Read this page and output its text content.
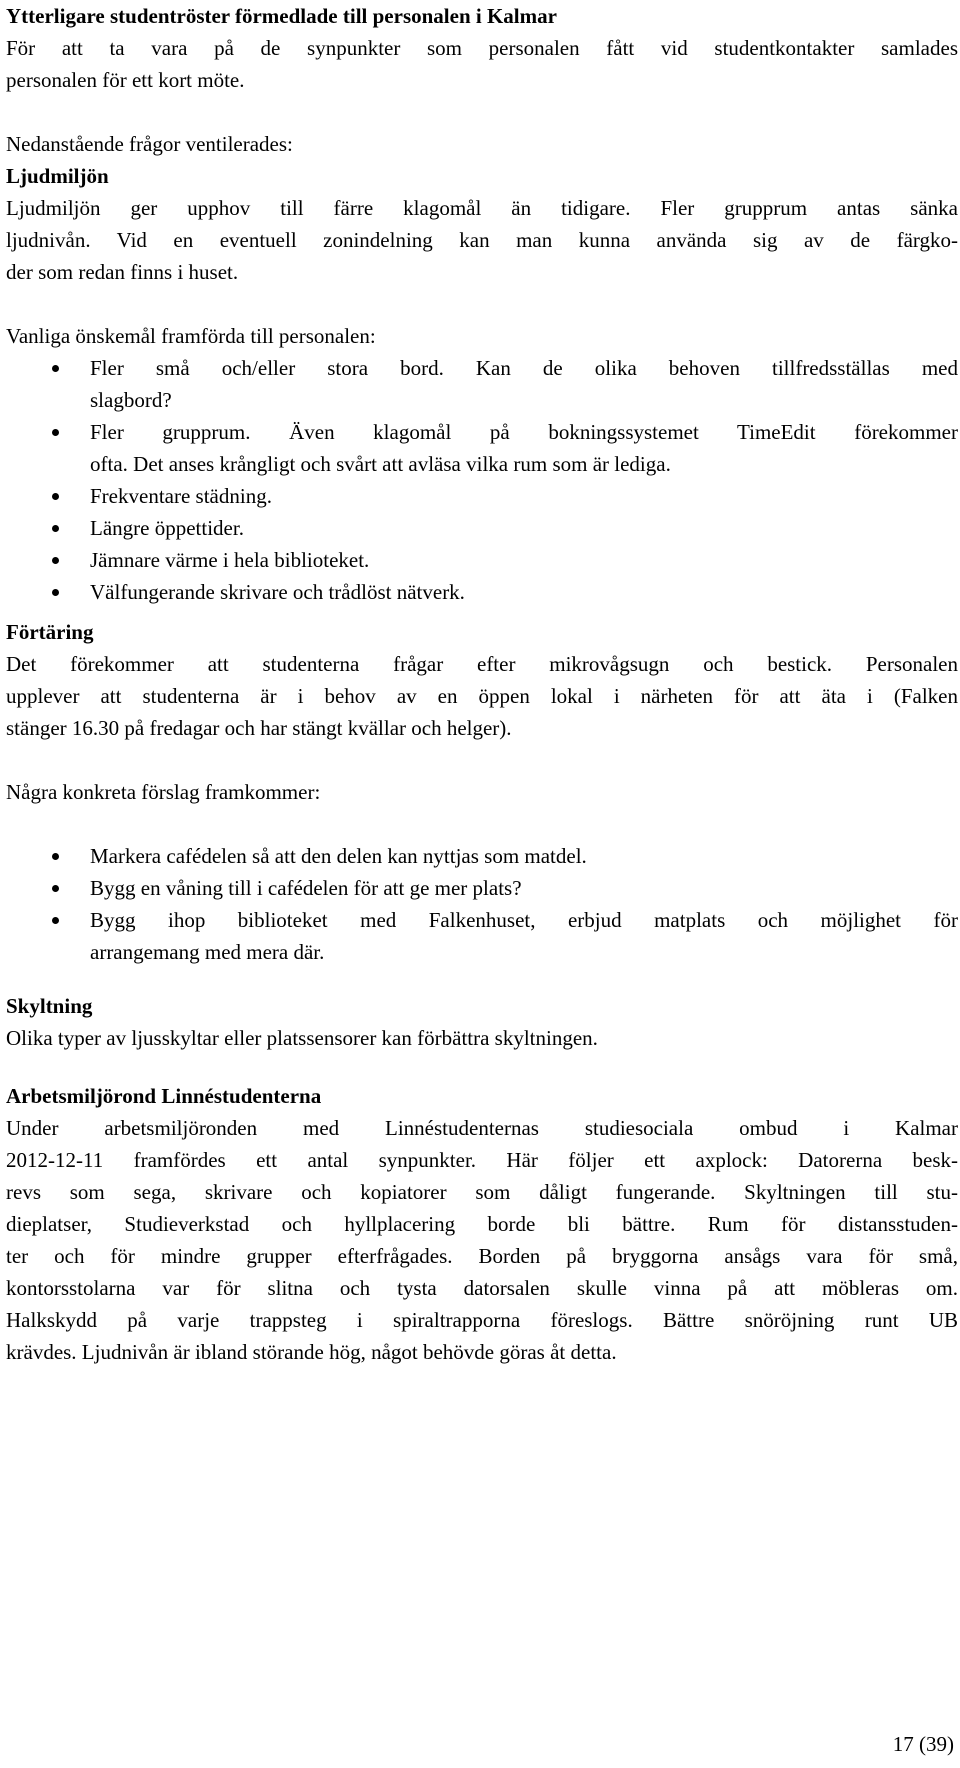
Ytterligare studentröster förmedlade till personalen i Kalmar
För att ta vara på de synpunkter som personalen fått vid studentkontakter samlades
personalen för ett kort möte.
Nedanstående frågor ventilerades:
Ljudmiljön
Ljudmiljön ger upphov till färre klagomål än tidigare. Fler grupprum antas sänka
ljudnivån. Vid en eventuell zonindelning kan man kunna använda sig av de färgko-
der som redan finns i huset.
Vanliga önskemål framförda till personalen:
Fler små och/eller stora bord. Kan de olika behoven tillfredsställas med
slagbord?
Fler grupprum. Även klagomål på bokningssystemet TimeEdit förekommer
ofta. Det anses krångligt och svårt att avläsa vilka rum som är lediga.
Frekventare städning.
Längre öppettider.
Jämnare värme i hela biblioteket.
Välfungerande skrivare och trådlöst nätverk.
Förtäring
Det förekommer att studenterna frågar efter mikrovågsugn och bestick. Personalen
upplever att studenterna är i behov av en öppen lokal i närheten för att äta i (Falken
stänger 16.30 på fredagar och har stängt kvällar och helger).
Några konkreta förslag framkommer:
Markera cafédelen så att den delen kan nyttjas som matdel.
Bygg en våning till i cafédelen för att ge mer plats?
Bygg ihop biblioteket med Falkenhuset, erbjud matplats och möjlighet för
arrangemang med mera där.
Skyltning
Olika typer av ljusskyltar eller platssensorer kan förbättra skyltningen.
Arbetsmiljörond Linnéstudenterna
Under arbetsmiljöronden med Linnéstudenternas studiesociala ombud i Kalmar
2012-12-11 framfördes ett antal synpunkter. Här följer ett axplock: Datorerna besk-
revs som sega, skrivare och kopiatorer som dåligt fungerande. Skyltningen till stu-
dieplatser, Studieverkstad och hyllplacering borde bli bättre. Rum för distansstuden-
ter och för mindre grupper efterfrågades. Borden på bryggorna ansågs vara för små,
kontorsstolarna var för slitna och tysta datorsalen skulle vinna på att möbleras om.
Halkskydd på varje trappsteg i spiraltrapporna föreslogs. Bättre snöröjning runt UB
krävdes. Ljudnivån är ibland störande hög, något behövde göras åt detta.
17 (39)
